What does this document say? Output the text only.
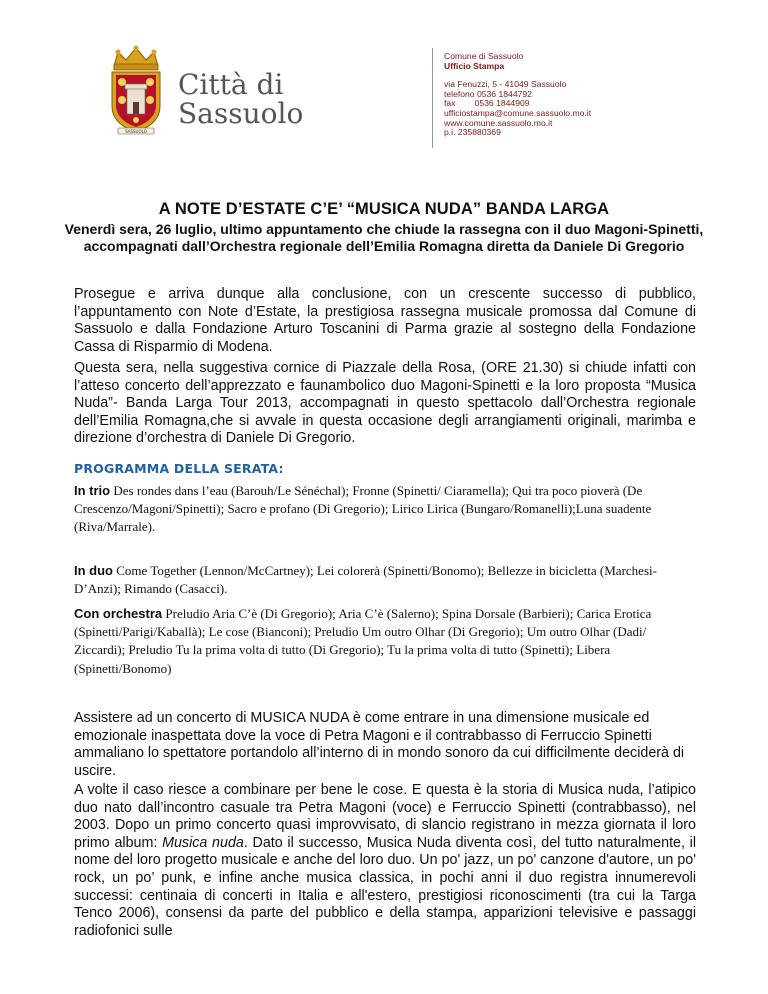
SASSUOLO
Città di
Sassuolo
Comune di Sassuolo
Ufficio Stampa
via Fenuzzi, 5 - 41049 Sassuolo
telefono 0536 1844792
fax        0536 1844909
ufficiostampa@comune.sassuolo.mo.it
www.comune.sassuolo.mo.it
p.i. 235880369
A NOTE D’ESTATE C’E’ “MUSICA NUDA” BANDA LARGA
Venerdì sera, 26 luglio, ultimo appuntamento che chiude la rassegna con il duo Magoni-Spinetti, accompagnati dall’Orchestra regionale dell’Emilia Romagna diretta da Daniele Di Gregorio
Prosegue e arriva dunque alla conclusione, con un crescente successo di pubblico, l’appuntamento con Note d’Estate, la prestigiosa rassegna musicale promossa dal Comune di Sassuolo e dalla Fondazione Arturo Toscanini di Parma grazie al sostegno della Fondazione Cassa di Risparmio di Modena.
Questa sera, nella suggestiva cornice di Piazzale della Rosa, (ORE 21.30) si chiude infatti con l’atteso concerto dell’apprezzato e faunambolico duo Magoni-Spinetti e la loro proposta “Musica Nuda”- Banda Larga Tour 2013, accompagnati in questo spettacolo dall’Orchestra regionale dell’Emilia Romagna,che si avvale in questa occasione degli arrangiamenti originali, marimba e direzione d’orchestra di Daniele Di Gregorio.
PROGRAMMA DELLA SERATA:
In trio Des rondes dans l’eau (Barouh/Le Sénéchal); Fronne (Spinetti/ Ciaramella); Qui tra poco pioverà (De Crescenzo/Magoni/Spinetti); Sacro e profano (Di Gregorio); Lirico Lirica (Bungaro/Romanelli);Luna suadente (Riva/Marrale).
In duo Come Together (Lennon/McCartney); Lei colorerà (Spinetti/Bonomo); Bellezze in bicicletta (Marchesi-D’Anzi); Rimando (Casacci).
Con orchestra Preludio Aria C’è (Di Gregorio); Aria C’è (Salerno); Spina Dorsale (Barbieri); Carica Erotica (Spinetti/Parigi/Kaballà); Le cose (Bianconi); Preludio Um outro Olhar (Di Gregorio); Um outro Olhar (Dadi/ Ziccardi); Preludio Tu la prima volta di tutto (Di Gregorio); Tu la prima volta di tutto (Spinetti); Libera (Spinetti/Bonomo)
Assistere ad un concerto di MUSICA NUDA è come entrare in una dimensione musicale ed emozionale inaspettata dove la voce di Petra Magoni e il contrabbasso di Ferruccio Spinetti ammaliano lo spettatore portandolo all’interno di in mondo sonoro da cui difficilmente deciderà di uscire.
A volte il caso riesce a combinare per bene le cose. E questa è la storia di Musica nuda, l’atipico duo nato dall’incontro casuale tra Petra Magoni (voce) e Ferruccio Spinetti (contrabbasso), nel 2003. Dopo un primo concerto quasi improvvisato, di slancio registrano in mezza giornata il loro primo album: Musica nuda. Dato il successo, Musica Nuda diventa così, del tutto naturalmente, il nome del loro progetto musicale e anche del loro duo. Un po' jazz, un po' canzone d'autore, un po' rock, un po’ punk, e infine anche musica classica, in pochi anni il duo registra innumerevoli successi: centinaia di concerti in Italia e all'estero, prestigiosi riconoscimenti (tra cui la Targa Tenco 2006), consensi da parte del pubblico e della stampa, apparizioni televisive e passaggi radiofonici sulle
